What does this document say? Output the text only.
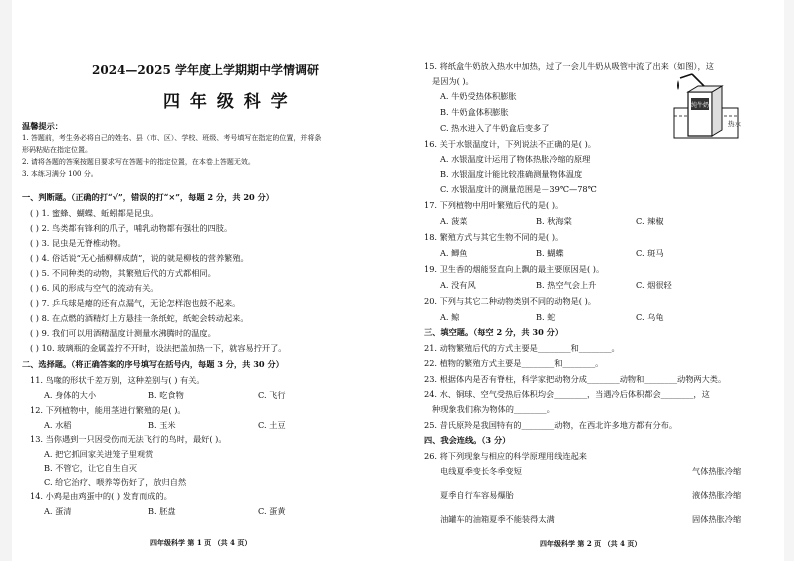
2024—2025 学年度上学期期中学情调研
四 年 级 科 学
温馨提示：
1. 答题前，考生务必将自己的姓名、县（市、区）、学校、班级、考号填写在指定的位置，并将条
形码粘贴在指定位置。
2. 请将各题的答案按题目要求写在答题卡的指定位置，在本卷上答题无效。
3. 本练习满分 100 分。
一、判断题。（正确的打“√”，错误的打“×”，每题 2 分，共 20 分）
( ) 1. 蜜蜂、蝴蝶、蚯蚓都是昆虫。
( ) 2. 鸟类都有锋利的爪子，哺乳动物都有强壮的四肢。
( ) 3. 昆虫是无脊椎动物。
( ) 4. 俗话说“无心插柳柳成荫”，说的就是柳枝的营养繁殖。
( ) 5. 不同种类的动物，其繁殖后代的方式都相同。
( ) 6. 风的形成与空气的流动有关。
( ) 7. 乒乓球是瘪的还有点漏气，无论怎样泡也鼓不起来。
( ) 8. 在点燃的酒精灯上方悬挂一条纸蛇，纸蛇会转动起来。
( ) 9. 我们可以用酒精温度计测量水沸腾时的温度。
( ) 10. 玻璃瓶的金属盖拧不开时，设法把盖加热一下，就容易拧开了。
二、选择题。（将正确答案的序号填写在括号内，每题 3 分，共 30 分）
11. 鸟喙的形状千差万别，这种差别与( ) 有关。
A. 身体的大小	B. 吃食物	C. 飞行
12. 下列植物中，能用茎进行繁殖的是( )。
A. 水稻	B. 玉米	C. 土豆
13. 当你遇到一只因受伤而无法飞行的鸟时，最好( )。
A. 把它抓回家关进笼子里观赏
B. 不管它，让它自生自灭
C. 给它治疗、喂养等伤好了，放归自然
14. 小鸡是由鸡蛋中的( ) 发育而成的。
A. 蛋清	B. 胚盘	C. 蛋黄
四年级科学 第 1 页 （共 4 页）
15. 将纸盒牛奶放入热水中加热，过了一会儿牛奶从吸管中流了出来（如图），这
是因为( )。
A. 牛奶受热体积膨胀
B. 牛奶盒体积膨胀
C. 热水进入了牛奶盒后变多了
纯牛奶
热水
16. 关于水银温度计，下列说法不正确的是( )。
A. 水银温度计运用了物体热胀冷缩的原理
B. 水银温度计能比较准确测量物体温度
C. 水银温度计的测量范围是－39℃—78℃
17. 下列植物中用叶繁殖后代的是( )。
A. 菠菜	B. 秋海棠	C. 辣椒
18. 繁殖方式与其它生物不同的是( )。
A. 鲫鱼	B. 蝴蝶	C. 斑马
19. 卫生香的烟能竖直向上飘的最主要原因是( )。
A. 没有风	B. 热空气会上升	C. 烟很轻
20. 下列与其它二种动物类别不同的动物是( )。
A. 鲸	B. 蛇	C. 乌龟
三、填空题。（每空 2 分，共 30 分）
21. 动物繁殖后代的方式主要是________和________。
22. 植物的繁殖方式主要是________和________。
23. 根据体内是否有脊柱，科学家把动物分成________动物和________动物两大类。
24. 水、铜球、空气受热后体积均会________，当遇冷后体积都会________，这
种现象我们称为物体的________。
25. 昔氏原羚是我国特有的________动物，在西北许多地方都有分布。
四、我会连线。（3 分）
26. 将下列现象与相应的科学原理用线连起来
电线夏季变长冬季变短
夏季自行车容易爆胎
油罐车的油箱夏季不能装得太满
气体热胀冷缩
液体热胀冷缩
固体热胀冷缩
四年级科学 第 2 页 （共 4 页）
